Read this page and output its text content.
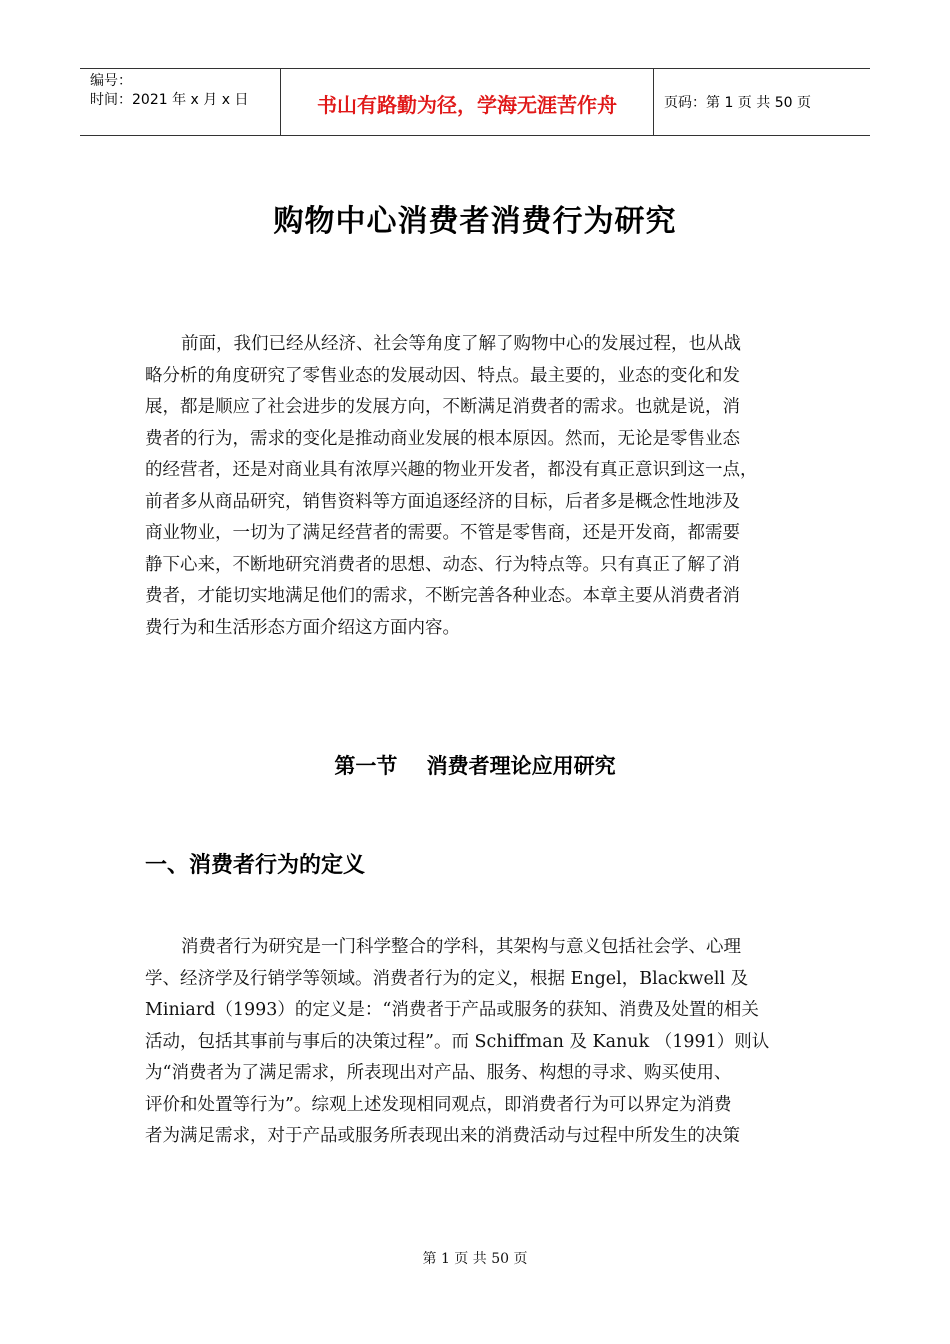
编号：
时间：2021 年 x 月 x 日	书山有路勤为径，学海无涯苦作舟	页码：第 1 页 共 50 页
购物中心消费者消费行为研究
前面，我们已经从经济、社会等角度了解了购物中心的发展过程，也从战
略分析的角度研究了零售业态的发展动因、特点。最主要的，业态的变化和发
展，都是顺应了社会进步的发展方向，不断满足消费者的需求。也就是说，消
费者的行为，需求的变化是推动商业发展的根本原因。然而，无论是零售业态
的经营者，还是对商业具有浓厚兴趣的物业开发者，都没有真正意识到这一点，
前者多从商品研究，销售资料等方面追逐经济的目标，后者多是概念性地涉及
商业物业，一切为了满足经营者的需要。不管是零售商，还是开发商，都需要
静下心来，不断地研究消费者的思想、动态、行为特点等。只有真正了解了消
费者，才能切实地满足他们的需求，不断完善各种业态。本章主要从消费者消
费行为和生活形态方面介绍这方面内容。
第一节    消费者理论应用研究
一、消费者行为的定义
消费者行为研究是一门科学整合的学科，其架构与意义包括社会学、心理
学、经济学及行销学等领域。消费者行为的定义，根据 Engel，Blackwell 及
Miniard（1993）的定义是：“消费者于产品或服务的获知、消费及处置的相关
活动，包括其事前与事后的决策过程”。而 Schiffman 及 Kanuk （1991）则认
为“消费者为了满足需求，所表现出对产品、服务、构想的寻求、购买使用、
评价和处置等行为”。综观上述发现相同观点，即消费者行为可以界定为消费
者为满足需求，对于产品或服务所表现出来的消费活动与过程中所发生的决策
第 1 页 共 50 页
